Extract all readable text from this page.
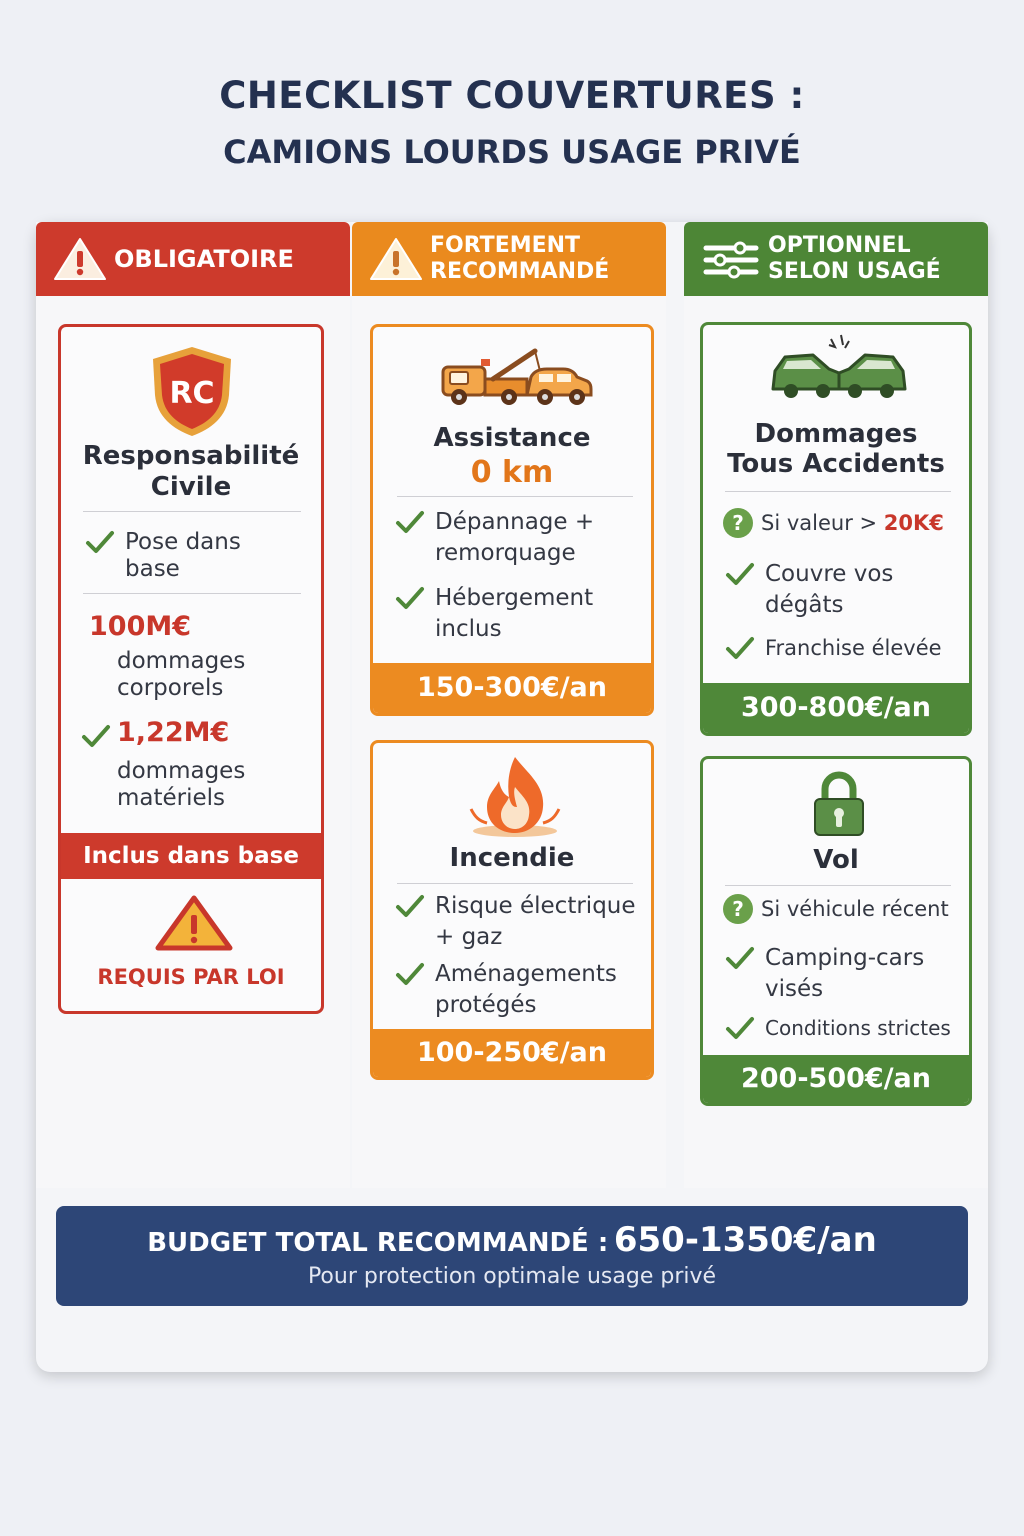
CHECKLIST COUVERTURES :
CAMIONS LOURDS USAGE PRIVÉ
OBLIGATOIRE
RC
Responsabilité
Civile
Pose dans
base
100M€
dommages
corporels
1,22M€
dommages
matériels
Inclus dans base
REQUIS PAR LOI
FORTEMENT
RECOMMANDÉ
Assistance
0 km
Dépannage +
remorquage
Hébergement
inclus
150-300€/an
Incendie
Risque électrique
+ gaz
Aménagements
protégés
100-250€/an
OPTIONNEL
SELON USAGÉ
Dommages
Tous Accidents
? Si valeur > 20K€
Couvre vos
dégâts
Franchise élevée
300-800€/an
Vol
? Si véhicule récent
Camping-cars
visés
Conditions strictes
200-500€/an
BUDGET TOTAL RECOMMANDÉ : 650-1350€/an
Pour protection optimale usage privé
